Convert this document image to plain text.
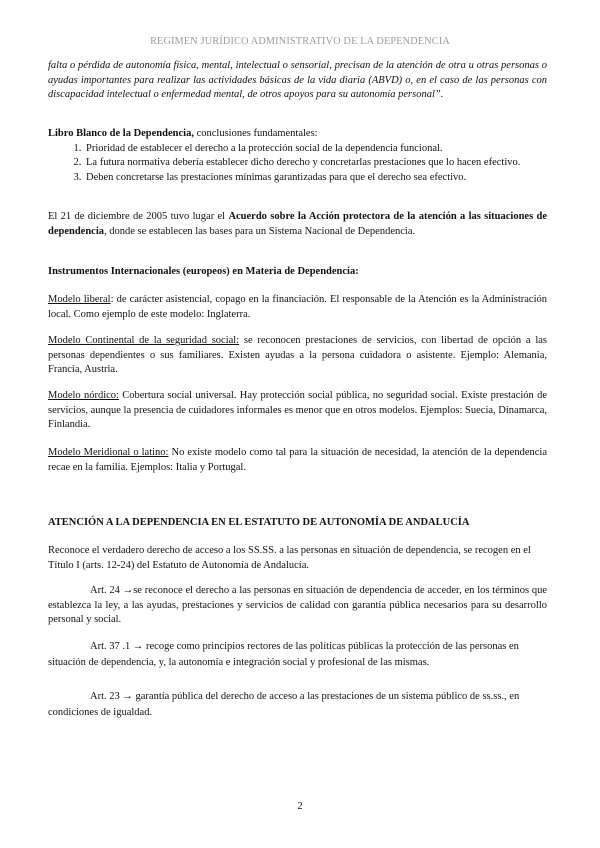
REGIMEN JURÍDICO ADMINISTRATIVO DE LA DEPENDENCIA
falta o pérdida de autonomía física, mental, intelectual o sensorial, precisan de la atención de otra u otras personas o ayudas importantes para realizar las actividades básicas de la vida diaria (ABVD) o, en el caso de las personas con discapacidad intelectual o enfermedad mental, de otros apoyos para su autonomía personal”.
Libro Blanco de la Dependencia, conclusiones fundamentales:
1. Prioridad de establecer el derecho a la protección social de la dependencia funcional.
2. La futura normativa debería establecer dicho derecho y concretarlas prestaciones que lo hacen efectivo.
3. Deben concretarse las prestaciones mínimas garantizadas para que el derecho sea efectivo.
El 21 de diciembre de 2005 tuvo lugar el Acuerdo sobre la Acción protectora de la atención a las situaciones de dependencia, donde se establecen las bases para un Sistema Nacional de Dependencia.
Instrumentos Internacionales (europeos) en Materia de Dependencia:
Modelo liberal: de carácter asistencial, copago en la financiación. El responsable de la Atención es la Administración local. Como ejemplo de este modelo: Inglaterra.
Modelo Continental de la seguridad social: se reconocen prestaciones de servicios, con libertad de opción a las personas dependientes o sus familiares. Existen ayudas a la persona cuidadora o asistente. Ejemplo: Alemania, Francia, Austria.
Modelo nórdico: Cobertura social universal. Hay protección social pública, no seguridad social. Existe prestación de servicios, aunque la presencia de cuidadores informales es menor que en otros modelos. Ejemplos: Suecia, Dinamarca, Finlandia.
Modelo Meridional o latino: No existe modelo como tal para la situación de necesidad, la atención de la dependencia recae en la familia. Ejemplos: Italia y Portugal.
ATENCIÓN A LA DEPENDENCIA EN EL ESTATUTO DE AUTONOMÍA DE ANDALUCÍA
Reconoce el verdadero derecho de acceso a los SS.SS. a las personas en situación de dependencia, se recogen en el Título I (arts. 12-24) del Estatuto de Autonomía de Andalucía.
Art. 24 →se reconoce el derecho a las personas en situación de dependencia de acceder, en los términos que establezca la ley, a las ayudas, prestaciones y servicios de calidad con garantía pública necesarios para su desarrollo personal y social.
Art. 37 .1 → recoge como principios rectores de las políticas públicas la protección de las personas en situación de dependencia, y, la autonomía e integración social y profesional de las mismas.
Art. 23 → garantía pública del derecho de acceso a las prestaciones de un sistema público de ss.ss., en condiciones de igualdad.
2
